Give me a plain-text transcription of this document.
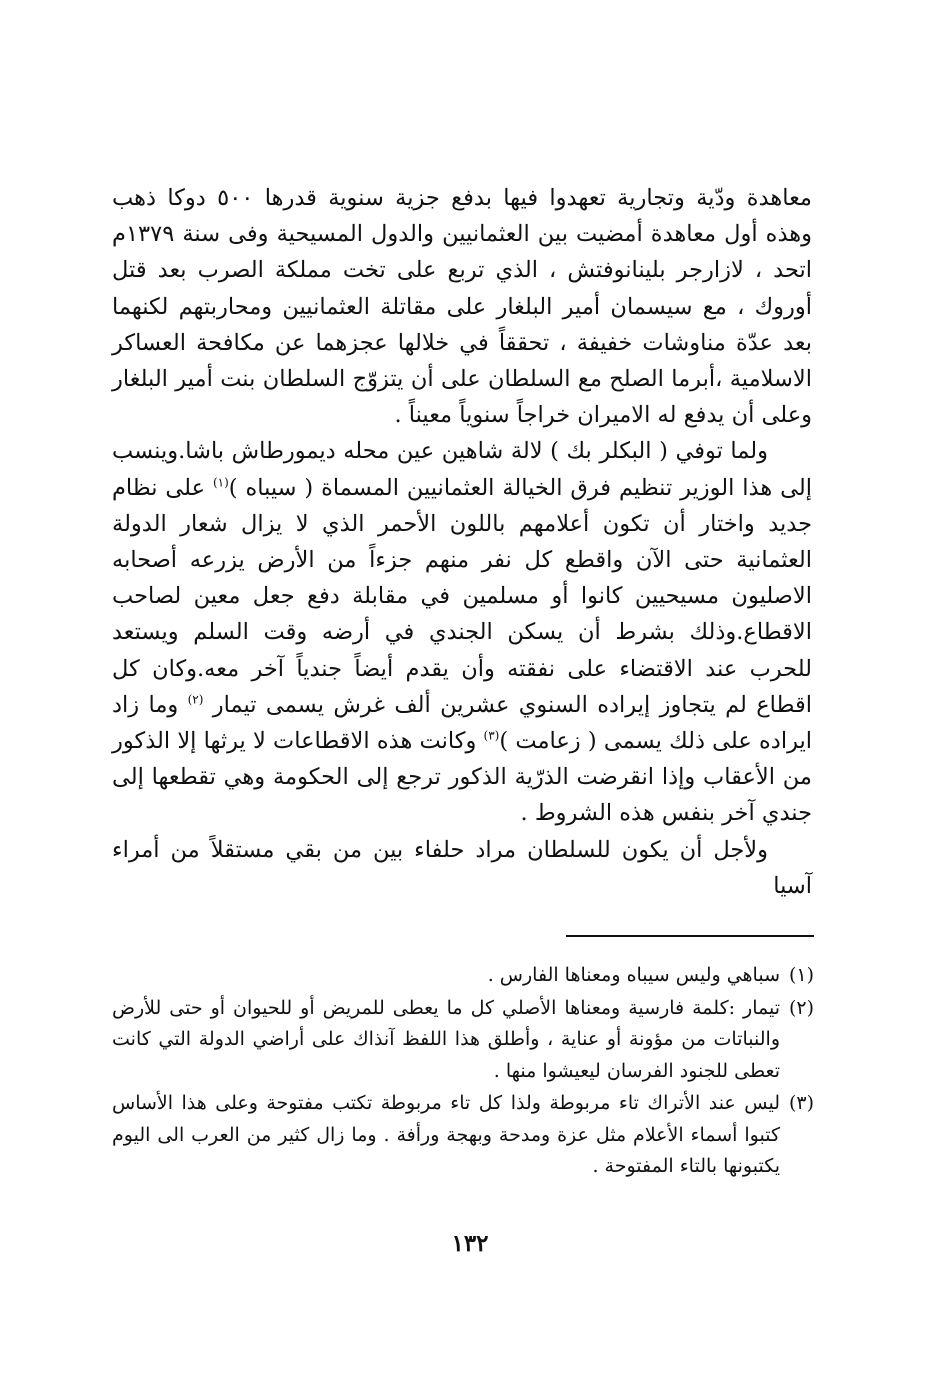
معاهدة ودّية وتجارية تعهدوا فيها بدفع جزية سنوية قدرها ٥٠٠ دوكا ذهب وهذه أول معاهدة أمضيت بين العثمانيين والدول المسيحية وفى سنة ١٣٧٩م اتحد ، لازارجر بلينانوفتش ، الذي تربع على تخت مملكة الصرب بعد قتل أوروك ، مع سيسمان أمير البلغار على مقاتلة العثمانيين ومحاربتهم لكنهما بعد عدّة مناوشات خفيفة ، تحققاً في خلالها عجزهما عن مكافحة العساكر الاسلامية ،أبرما الصلح مع السلطان على أن يتزوّج السلطان بنت أمير البلغار وعلى أن يدفع له الاميران خراجاً سنوياً معيناً .

ولما توفي ( البكلر بك ) لالة شاهين عين محله ديمورطاش باشا.وينسب إلى هذا الوزير تنظيم فرق الخيالة العثمانيين المسماة ( سيباه )$^{(١)}$ على نظام جديد واختار أن تكون أعلامهم باللون الأحمر الذي لا يزال شعار الدولة العثمانية حتى الآن واقطع كل نفر منهم جزءاً من الأرض يزرعه أصحابه الاصليون مسيحيين كانوا أو مسلمين في مقابلة دفع جعل معين لصاحب الاقطاع.وذلك بشرط أن يسكن الجندي في أرضه وقت السلم ويستعد للحرب عند الاقتضاء على نفقته وأن يقدم أيضاً جندياً آخر معه.وكان كل اقطاع لم يتجاوز إيراده السنوي عشرين ألف غرش يسمى تيمار $^{(٢)}$ وما زاد ايراده على ذلك يسمى ( زعامت )$^{(٣)}$ وكانت هذه الاقطاعات لا يرثها إلا الذكور من الأعقاب وإذا انقرضت الذرّية الذكور ترجع إلى الحكومة وهي تقطعها إلى جندي آخر بنفس هذه الشروط .

ولأجل أن يكون للسلطان مراد حلفاء بين من بقي مستقلاً من أمراء آسيا

(١)
سباهي وليس سيباه ومعناها الفارس .
(٢)
تيمار :كلمة فارسية ومعناها الأصلي كل ما يعطى للمريض أو للحيوان أو حتى للأرض والنباتات من مؤونة أو عناية ، وأطلق هذا اللفظ آنذاك على أراضي الدولة التي كانت تعطى للجنود الفرسان ليعيشوا منها .
(٣)
ليس عند الأتراك تاء مربوطة ولذا كل تاء مربوطة تكتب مفتوحة وعلى هذا الأساس كتبوا أسماء الأعلام مثل عزة ومدحة وبهجة ورأفة . وما زال كثير من العرب الى اليوم يكتبونها بالتاء المفتوحة .
١٣٢
